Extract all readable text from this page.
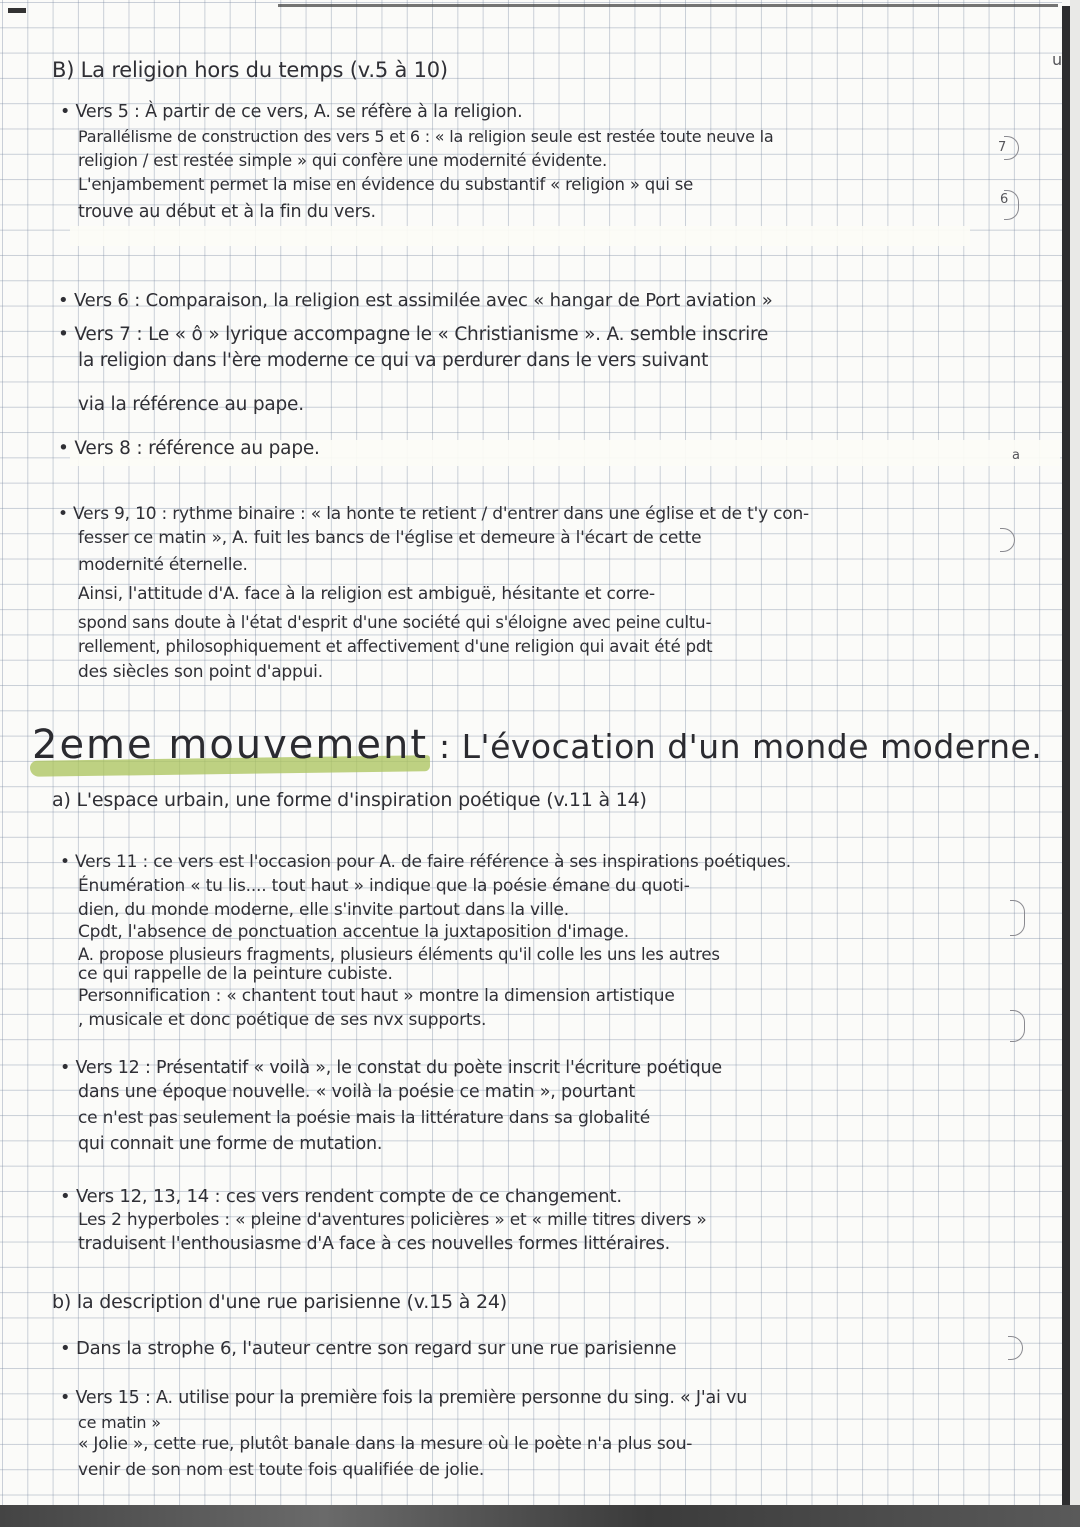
B) La religion hors du temps (v.5 à 10)
• Vers 5 : À partir de ce vers, A. se réfère à la religion.
Parallélisme de construction des vers 5 et 6 : « la religion seule est restée toute neuve la
religion / est restée simple » qui confère une modernité évidente.
L'enjambement permet la mise en évidence du substantif « religion » qui se
trouve au début et à la fin du vers.
• Vers 6 : Comparaison, la religion est assimilée avec « hangar de Port aviation »
• Vers 7 : Le « ô » lyrique accompagne le « Christianisme ». A. semble inscrire
la religion dans l'ère moderne ce qui va perdurer dans le vers suivant
via la référence au pape.
• Vers 8 : référence au pape.
• Vers 9, 10 : rythme binaire : « la honte te retient / d'entrer dans une église et de t'y con-
fesser ce matin », A. fuit les bancs de l'église et demeure à l'écart de cette
modernité éternelle.
Ainsi, l'attitude d'A. face à la religion est ambiguë, hésitante et corre-
spond sans doute à l'état d'esprit d'une société qui s'éloigne avec peine cultu-
rellement, philosophiquement et affectivement d'une religion qui avait été pdt
des siècles son point d'appui.
2eme mouvement : L'évocation d'un monde moderne.
a) L'espace urbain, une forme d'inspiration poétique (v.11 à 14)
• Vers 11 : ce vers est l'occasion pour A. de faire référence à ses inspirations poétiques.
Énumération « tu lis.... tout haut » indique que la poésie émane du quoti-
dien, du monde moderne, elle s'invite partout dans la ville.
Cpdt, l'absence de ponctuation accentue la juxtaposition d'image.
A. propose plusieurs fragments, plusieurs éléments qu'il colle les uns les autres
ce qui rappelle de la peinture cubiste.
Personnification : « chantent tout haut » montre la dimension artistique
, musicale et donc poétique de ses nvx supports.
• Vers 12 : Présentatif « voilà », le constat du poète inscrit l'écriture poétique
dans une époque nouvelle. « voilà la poésie ce matin », pourtant
ce n'est pas seulement la poésie mais la littérature dans sa globalité
qui connait une forme de mutation.
• Vers 12, 13, 14 : ces vers rendent compte de ce changement.
Les 2 hyperboles : « pleine d'aventures policières » et « mille titres divers »
traduisent l'enthousiasme d'A face à ces nouvelles formes littéraires.
b) la description d'une rue parisienne (v.15 à 24)
• Dans la strophe 6, l'auteur centre son regard sur une rue parisienne
• Vers 15 : A. utilise pour la première fois la première personne du sing. « J'ai vu
ce matin »
« Jolie », cette rue, plutôt banale dans la mesure où le poète n'a plus sou-
venir de son nom est toute fois qualifiée de jolie.
u
7
6
a
